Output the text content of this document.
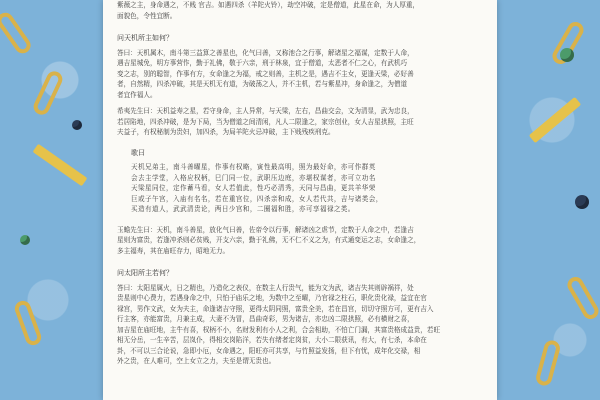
紫薇之主，身命遇之，不贱 官吉。如遇四杀（羊陀火铃），劫空冲破，定是僧道，此星在命，为人厚重，

面貌色，令性宜断。

问天机所主如何？

答曰：天机属木，南斗第三益算之善星也，化气曰善，又称池合之行事，解诸星之福谋，定数于人命，

遇吉星城免，明方事营作，勤于礼佛，敬于六亲，刑于林泉，宜于僧道，太恶者不仁之心，有武机巧

变之志，别的聪智，作事有方，女命逢之为福，戒之则善，主机之是，遇吉不主女，更逢天梁，必好善

者，自然精，四杀冲破，其是天机无有道，为破荡之人，并不主机，若与紫星冲，身命逢之，为僧道

者宜作福人。

希夷先生曰：天机益寿之星，若守身命，主人异常，与天梁，左右，昌曲交会，文为清显，武为忠良，

若居陷地，四杀冲破，是为下局，当为僧道之间清闲，凡人二限逢之，家宗创业，女人吉星拱照，主旺

夫益子，有权秘制为贵妇，加四杀，为局羊陀火忌冲破，主下贱残疾刑克。

歌曰

天机兄弟主，南斗善曜星，作事有权略，寅性最高明，照为最好命，亦可作群英
会去主学堂，入格应权柄，巳门同一位，武职压边庭，亦堪权谋者，亦可立功名
天梁星同位，定作蓄马看，女人若值此，性巧必清秀，天同与昌曲，更共羊华荣
巨或子午宫，入庙有名名，若在重宫位，四杀亲和成，女人若代共，吉与诸类会，
买造有道人，武武清贵论，两日少宫和，二圈福和胜，亦可享福禄之类。

玉蟾先生曰：天机，南斗善星，放化气曰善，佐帝令以行事，解诸凶之虐节，定数于人命之中，若逢吉

星则为富贵，若逢冲杀则必贫贱，开支六亲，勤于礼佛，无不仁不义之为，有式通变运之志，女命逢之，

多主福寿，其在庙旺存力，昭地无力。

问太阳所主若何？

答曰：太阳星属火，日之精也，乃造化之表仪，在数主人行贵气，能为文为武，诸吉失其则辟祸祥，处

贵星则中心费力，若遇身命之中，只怕于庙乐之地，为数中之至曜，乃官禄之柱石，职化贵化禄，益宜在官

禄宫，男作文武，女为夫主，命逢诸吉守照，更得太阴同照，富贵全美，若在昌宫，切切守照方可，更有吉入

行主客，亦能富贵，月兼主成，大妻不为冒，昌曲奇彩，男为诸吉，亦忠凶二限拱照，必有横财之喜，

加吉星在庙旺地，主牛有喜，权柄不小，名财发利有小人之利，合会相助，不怕亡门漏，其富贵格成益贵，若旺

相无分岳，一生辛苦，层岚仆，得相交岗陷洋，若失有绪者定岗贫，大小二限获讯，有大，有七杀，本命在

卦，不可以三合论说，急即小厄，女命遇之，阳旺亦可共享，与竹照益发扬，但下有忧，成年化交禄，相

外之贵，在人难可，空上女立之力，夫至是谓无贵也。
